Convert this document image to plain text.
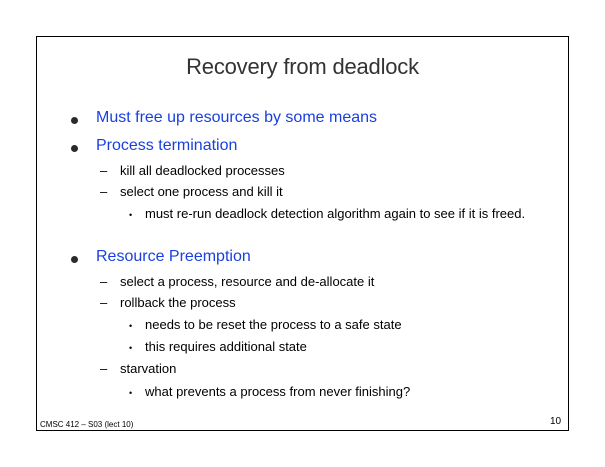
Recovery from deadlock
Must free up resources by some means
Process termination
– kill all deadlocked processes
– select one process and kill it
• must re-run deadlock detection algorithm again to see if it is freed.
Resource Preemption
– select a process, resource and de-allocate it
– rollback the process
• needs to be reset the process to a safe state
• this requires additional state
– starvation
• what prevents a process from never finishing?
CMSC 412 – S03 (lect 10)	10
